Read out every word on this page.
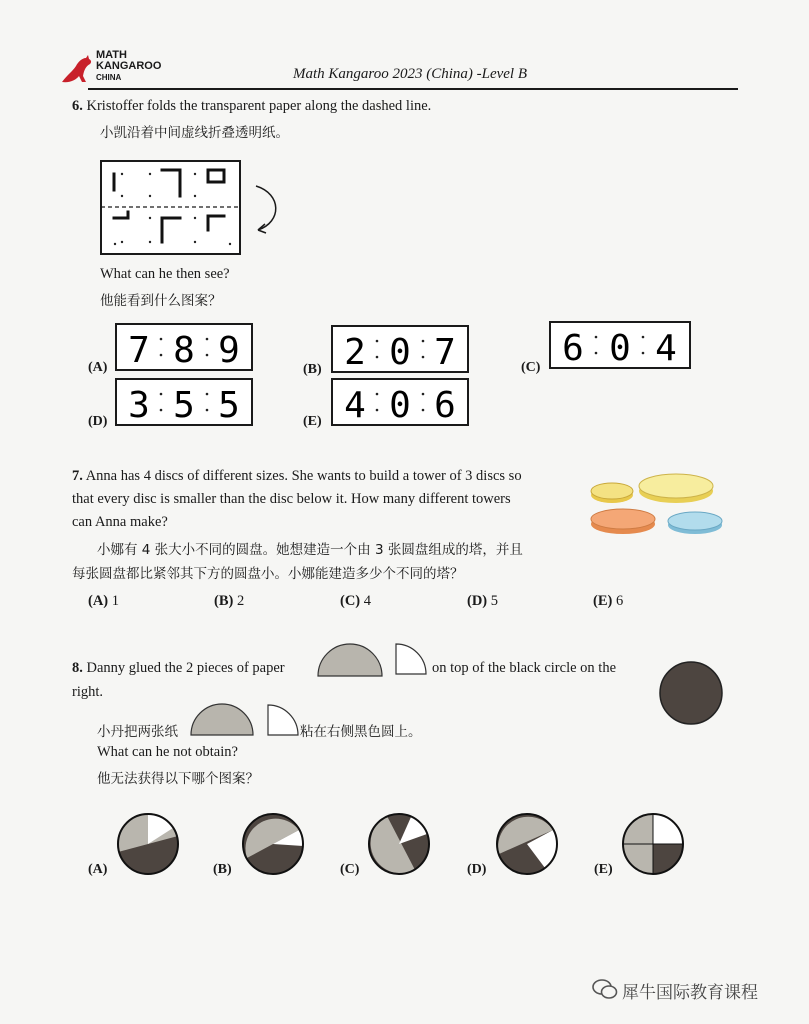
MATH
KANGAROO
CHINA	Math Kangaroo 2023 (China) -Level B
6. Kristoffer folds the transparent paper along the dashed line.
小凯沿着中间虚线折叠透明纸。
What can he then see?
他能看到什么图案？
(A) 7 8 9	(B) 2 0 7	(C) 6 0 4
(D) 3 5 5	(E) 4 0 6
7. Anna has 4 discs of different sizes. She wants to build a tower of 3 discs so
that every disc is smaller than the disc below it. How many different towers
can Anna make?
小娜有 4 张大小不同的圆盘。她想建造一个由 3 张圆盘组成的塔，并且
每张圆盘都比紧邻其下方的圆盘小。小娜能建造多少个不同的塔？
(A) 1	(B) 2	(C) 4	(D) 5	(E) 6
8. Danny glued the 2 pieces of paper	on top of the black circle on the
right.
小丹把两张纸	粘在右侧黑色圆上。
What can he not obtain?
他无法获得以下哪个图案？
(A)	(B)	(C)	(D)	(E)
犀牛国际教育课程
